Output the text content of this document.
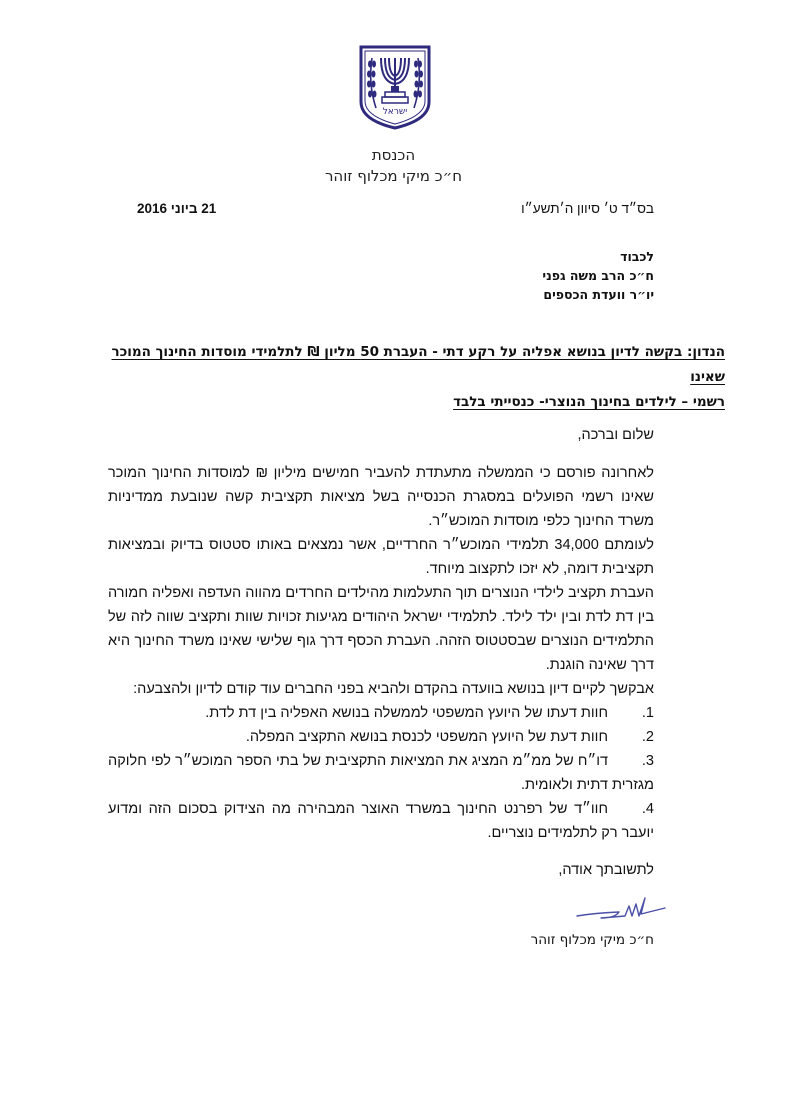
ישראל
הכנסת
ח״כ מיקי מכלוף זוהר
בס״ד ט׳ סיוון ה׳תשע״ו
21 ביוני 2016
לכבוד
ח״כ הרב משה גפני
יו״ר וועדת הכספים
הנדון: בקשה לדיון בנושא אפליה על רקע דתי - העברת 50 מליון ₪ לתלמידי מוסדות החינוך המוכר שאינו
רשמי – לילדים בחינוך הנוצרי- כנסייתי בלבד
שלום וברכה,

לאחרונה פורסם כי הממשלה מתעתדת להעביר חמישים מיליון ₪ למוסדות החינוך המוכר שאינו רשמי הפועלים במסגרת הכנסייה בשל מציאות תקציבית קשה שנובעת ממדיניות משרד החינוך כלפי מוסדות המוכש״ר.

לעומתם 34,000 תלמידי המוכש״ר החרדיים, אשר נמצאים באותו סטטוס בדיוק ובמציאות תקציבית דומה, לא יזכו לתקצוב מיוחד.

העברת תקציב לילדי הנוצרים תוך התעלמות מהילדים החרדים מהווה העדפה ואפליה חמורה בין דת לדת ובין ילד לילד. לתלמידי ישראל היהודים מגיעות זכויות שוות ותקציב שווה לזה של התלמידים הנוצרים שבסטטוס הזהה. העברת הכסף דרך גוף שלישי שאינו משרד החינוך היא דרך שאינה הוגנת.

אבקשך לקיים דיון בנושא בוועדה בהקדם ולהביא בפני החברים עוד קודם לדיון ולהצבעה:

1.חוות דעתו של היועץ המשפטי לממשלה בנושא האפליה בין דת לדת.

2.חוות דעת של היועץ המשפטי לכנסת בנושא התקציב המפלה.

3.דו״ח של ממ״מ המציג את המציאות התקציבית של בתי הספר המוכש״ר לפי חלוקה מגזרית דתית ולאומית.

4.חוו״ד של רפרנט החינוך במשרד האוצר המבהירה מה הצידוק בסכום הזה ומדוע יועבר רק לתלמידים נוצריים.

לתשובתך אודה,
ח״כ מיקי מכלוף זוהר
